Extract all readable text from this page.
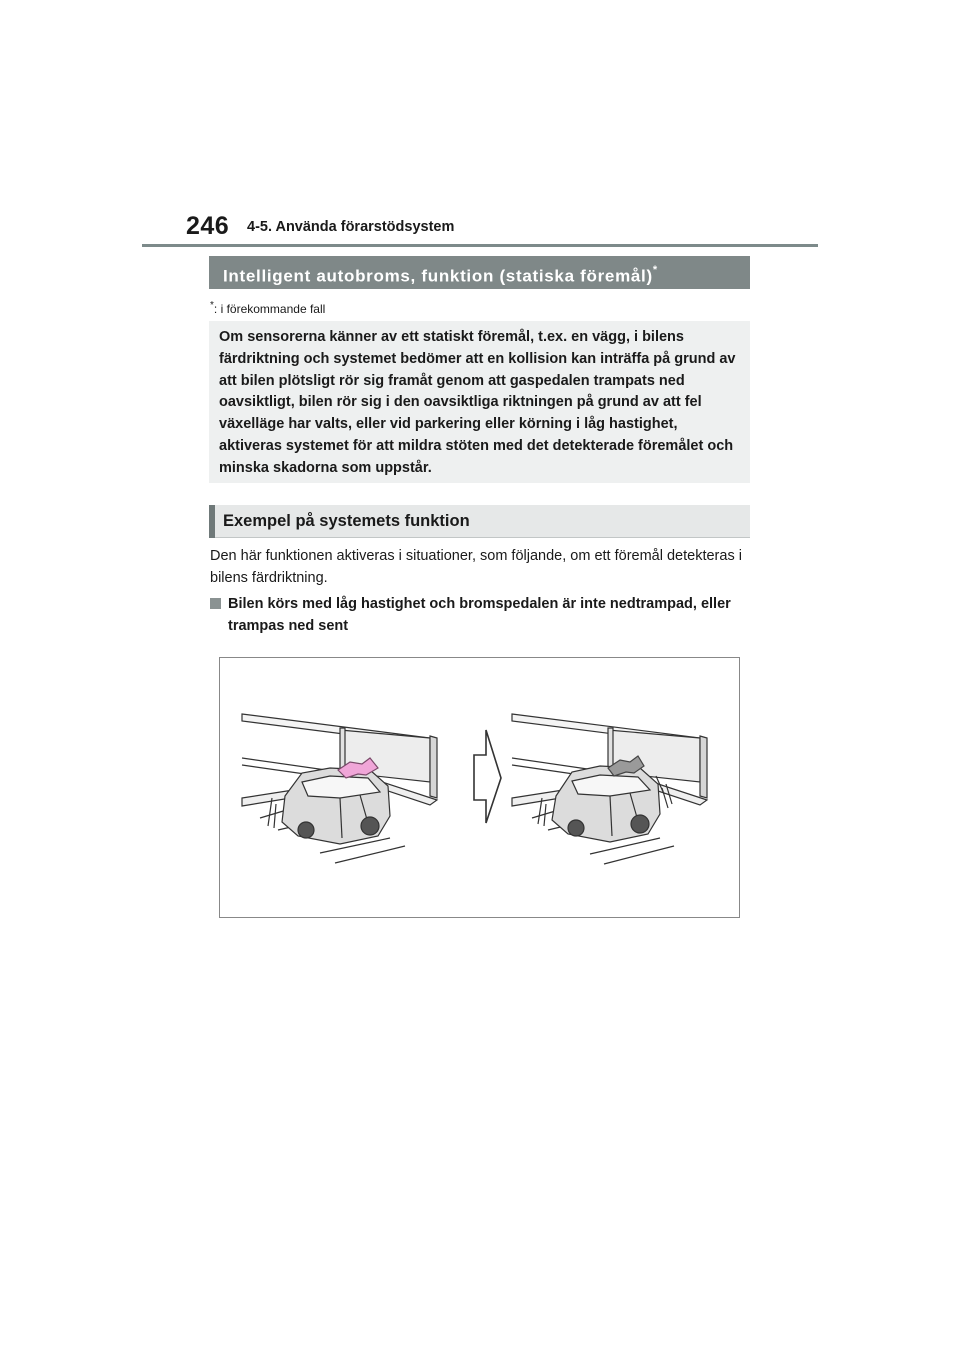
246 4-5. Använda förarstödsystem
Intelligent autobroms, funktion (statiska föremål)*
*: i förekommande fall
Om sensorerna känner av ett statiskt föremål, t.ex. en vägg, i bilens färdriktning och systemet bedömer att en kollision kan inträffa på grund av att bilen plötsligt rör sig framåt genom att gaspedalen trampats ned oavsiktligt, bilen rör sig i den oavsiktliga riktningen på grund av att fel växelläge har valts, eller vid parkering eller körning i låg hastighet, aktiveras systemet för att mildra stöten med det detekterade föremålet och minska skadorna som uppstår.
Exempel på systemets funktion
Den här funktionen aktiveras i situationer, som följande, om ett föremål detekteras i bilens färdriktning.
Bilen körs med låg hastighet och bromspedalen är inte nedtrampad, eller trampas ned sent
